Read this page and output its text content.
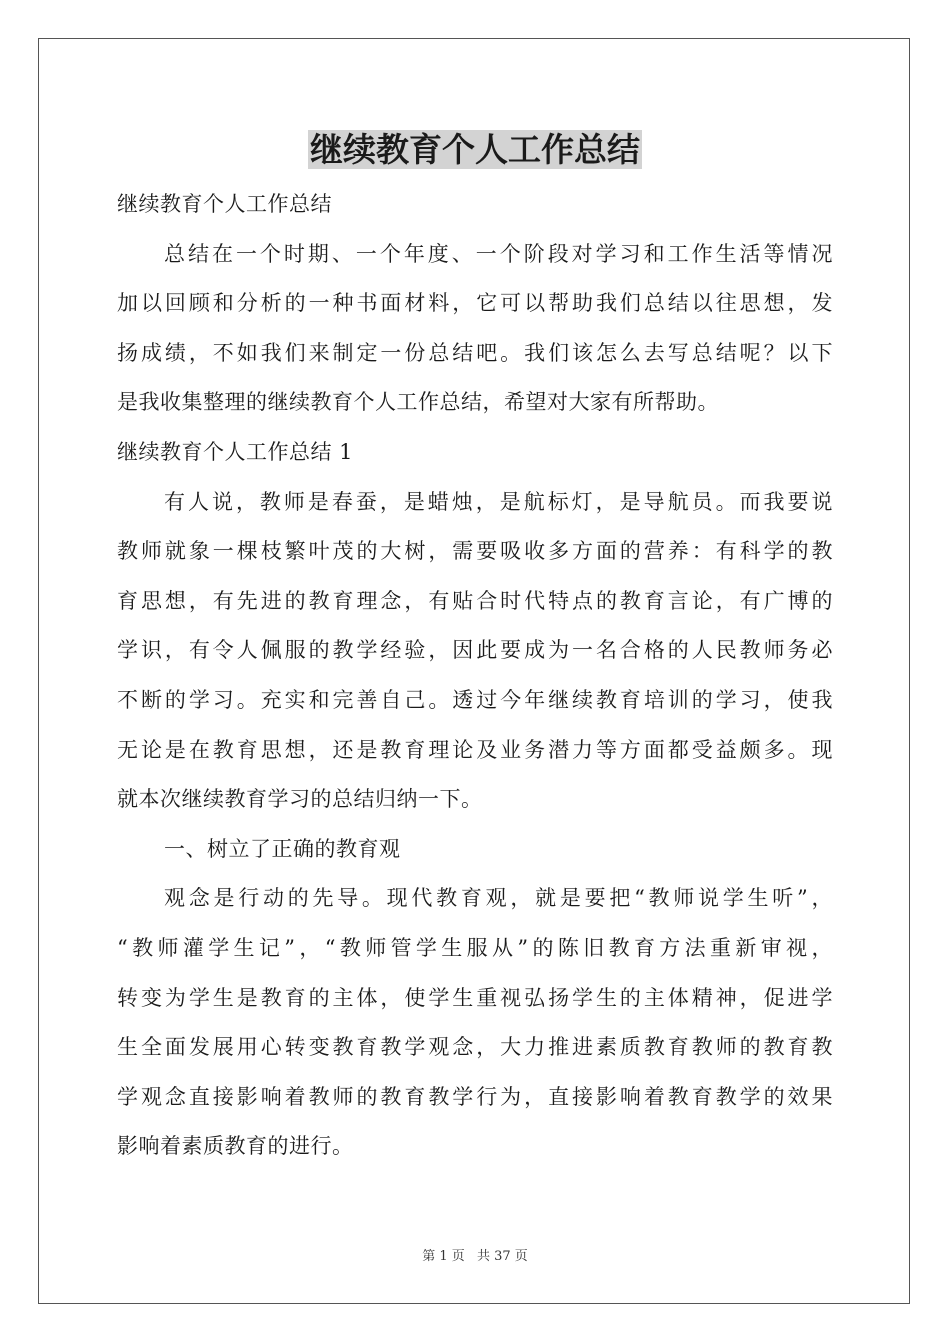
继续教育个人工作总结
继续教育个人工作总结
总结在一个时期、一个年度、一个阶段对学习和工作生活等情况
加以回顾和分析的一种书面材料，它可以帮助我们总结以往思想，发
扬成绩，不如我们来制定一份总结吧。我们该怎么去写总结呢？以下
是我收集整理的继续教育个人工作总结，希望对大家有所帮助。
继续教育个人工作总结 1
有人说，教师是春蚕，是蜡烛，是航标灯，是导航员。而我要说
教师就象一棵枝繁叶茂的大树，需要吸收多方面的营养：有科学的教
育思想，有先进的教育理念，有贴合时代特点的教育言论，有广博的
学识，有令人佩服的教学经验，因此要成为一名合格的人民教师务必
不断的学习。充实和完善自己。透过今年继续教育培训的学习，使我
无论是在教育思想，还是教育理论及业务潜力等方面都受益颇多。现
就本次继续教育学习的总结归纳一下。
一、树立了正确的教育观
观念是行动的先导。现代教育观，就是要把“教师说学生听”，
“教师灌学生记”，“教师管学生服从”的陈旧教育方法重新审视，
转变为学生是教育的主体，使学生重视弘扬学生的主体精神，促进学
生全面发展用心转变教育教学观念，大力推进素质教育教师的教育教
学观念直接影响着教师的教育教学行为，直接影响着教育教学的效果
影响着素质教育的进行。
第 1 页 共 37 页
